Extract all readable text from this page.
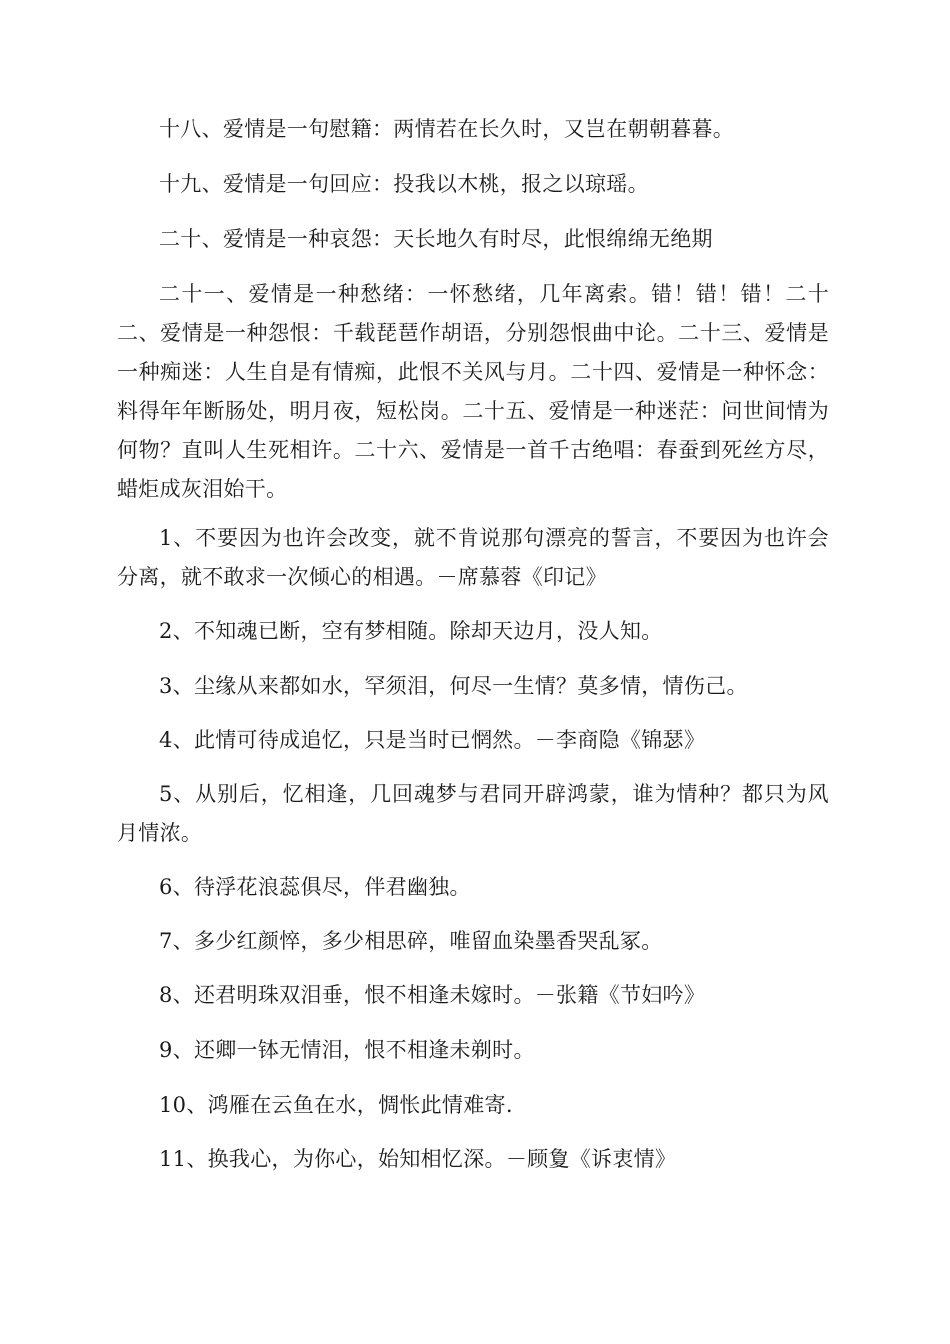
十八、爱情是一句慰籍：两情若在长久时，又岂在朝朝暮暮。

十九、爱情是一句回应：投我以木桃，报之以琼瑶。

二十、爱情是一种哀怨：天长地久有时尽，此恨绵绵无绝期

二十一、爱情是一种愁绪：一怀愁绪，几年离索。错！错！错！二十二、爱情是一种怨恨：千载琵琶作胡语，分别怨恨曲中论。二十三、爱情是一种痴迷：人生自是有情痴，此恨不关风与月。二十四、爱情是一种怀念：料得年年断肠处，明月夜，短松岗。二十五、爱情是一种迷茫：问世间情为何物？直叫人生死相许。二十六、爱情是一首千古绝唱：春蚕到死丝方尽，蜡炬成灰泪始干。

1、不要因为也许会改变，就不肯说那句漂亮的誓言，不要因为也许会分离，就不敢求一次倾心的相遇。－席慕蓉《印记》

2、不知魂已断，空有梦相随。除却天边月，没人知。

3、尘缘从来都如水，罕须泪，何尽一生情？莫多情，情伤己。

4、此情可待成追忆，只是当时已惘然。－李商隐《锦瑟》

5、从别后，忆相逢，几回魂梦与君同开辟鸿蒙，谁为情种？都只为风月情浓。

6、待浮花浪蕊俱尽，伴君幽独。

7、多少红颜悴，多少相思碎，唯留血染墨香哭乱冢。

8、还君明珠双泪垂，恨不相逢未嫁时。－张籍《节妇吟》

9、还卿一钵无情泪，恨不相逢未剃时。

10、鸿雁在云鱼在水，惆怅此情难寄.

11、换我心，为你心，始知相忆深。－顾夐《诉衷情》
